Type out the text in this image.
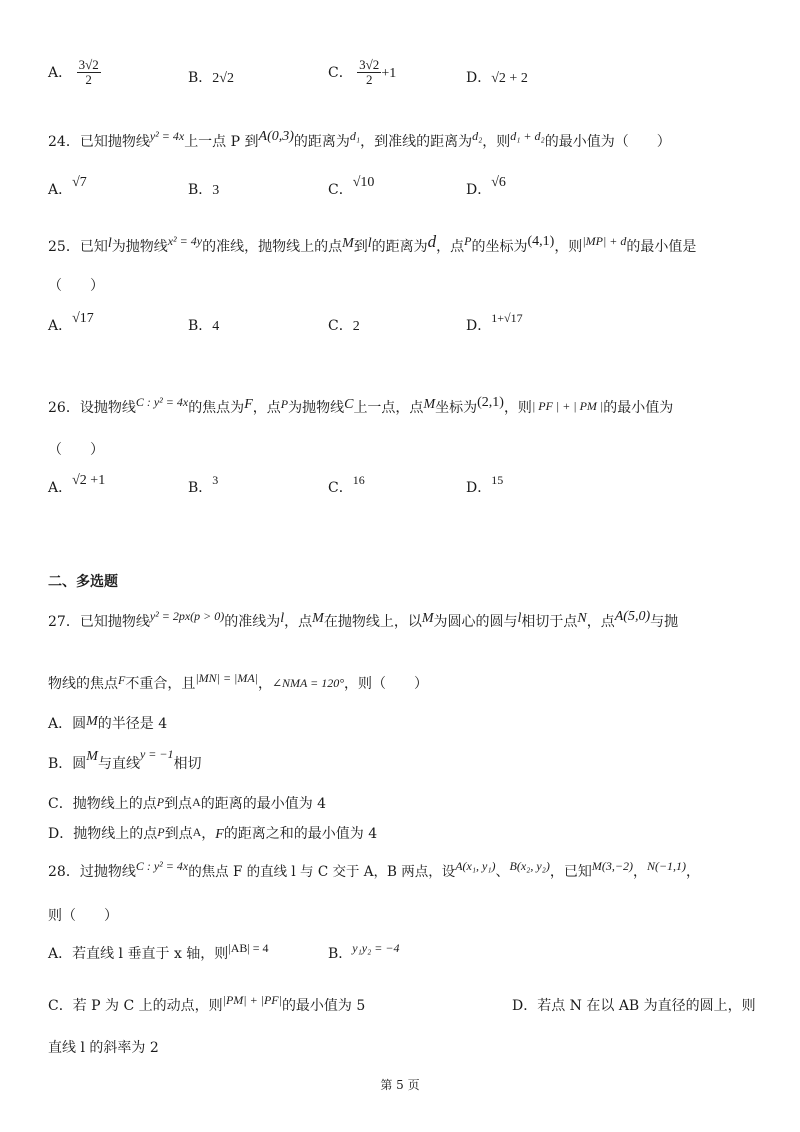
A． $\frac{3√2}{2}$	B．2√2	C． $\frac{3√2}{2} +1$	D．√2 + 2
24．已知抛物线y² = 4x上一点 P 到A(0,3)的距离为d₁，到准线的距离为d₂，则d₁ + d₂的最小值为（　　）
A．√7	B．3	C．√10	D．√6
25．已知l为抛物线x² = 4y的准线，抛物线上的点M到l的距离为d，点P的坐标为(4,1)，则|MP| + d的最小值是
（　　）
A．√17	B．4	C．2	D．1+√17
26．设抛物线C : y² = 4x的焦点为F，点P为抛物线C上一点，点M坐标为(2,1)，则| PF | + | PM |的最小值为
（　　）
A．√2 +1	B．3	C．16	D．15
二、多选题
27．已知抛物线y² = 2px(p > 0)的准线为l，点M在抛物线上，以M为圆心的圆与l相切于点N，点A(5,0)与抛
物线的焦点F不重合，且|MN| = |MA|，∠NMA = 120°，则（　　）
A．圆M的半径是 4
B．圆M与直线y = −1相切
C．抛物线上的点P到点A的距离的最小值为 4
D．抛物线上的点P到点A，F的距离之和的最小值为 4
28．过抛物线C : y² = 4x的焦点 F 的直线 l 与 C 交于 A，B 两点，设A(x₁, y₁)、B(x₂, y₂)，已知M(3,−2)，N(−1,1)，
则（　　）
A．若直线 l 垂直于 x 轴，则|AB| = 4	B．y₁y₂ = −4
C．若 P 为 C 上的动点，则|PM| + |PF|的最小值为 5	D．若点 N 在以 AB 为直径的圆上，则
直线 l 的斜率为 2
第 5 页
